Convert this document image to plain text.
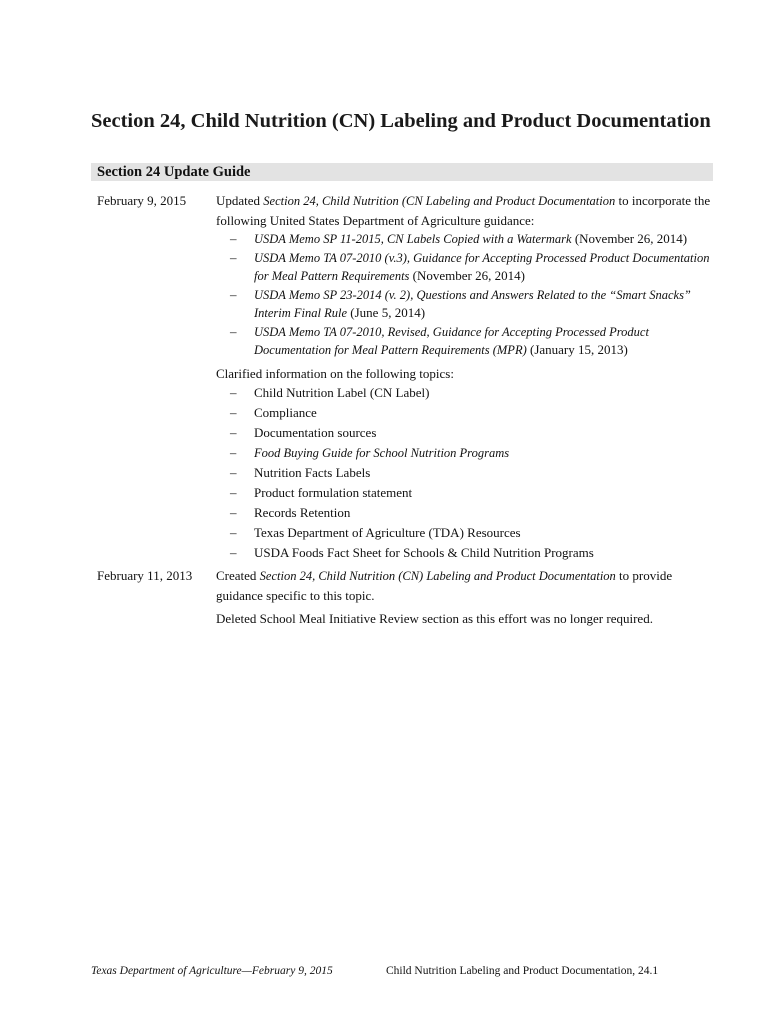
Section 24, Child Nutrition (CN) Labeling and Product Documentation
Section 24 Update Guide
February 9, 2015 Updated Section 24, Child Nutrition (CN Labeling and Product Documentation to incorporate the following United States Department of Agriculture guidance:

– USDA Memo SP 11-2015, CN Labels Copied with a Watermark (November 26, 2014)
– USDA Memo TA 07-2010 (v.3), Guidance for Accepting Processed Product Documentation for Meal Pattern Requirements (November 26, 2014)
– USDA Memo SP 23-2014 (v. 2), Questions and Answers Related to the “Smart Snacks” Interim Final Rule (June 5, 2014)
– USDA Memo TA 07-2010, Revised, Guidance for Accepting Processed Product Documentation for Meal Pattern Requirements (MPR) (January 15, 2013)

Clarified information on the following topics:

– Child Nutrition Label (CN Label)
– Compliance
– Documentation sources
– Food Buying Guide for School Nutrition Programs
– Nutrition Facts Labels
– Product formulation statement
– Records Retention
– Texas Department of Agriculture (TDA) Resources
– USDA Foods Fact Sheet for Schools & Child Nutrition Programs
February 11, 2013 Created Section 24, Child Nutrition (CN) Labeling and Product Documentation to provide guidance specific to this topic.

Deleted School Meal Initiative Review section as this effort was no longer required.

Texas Department of Agriculture—February 9, 2015	Child Nutrition Labeling and Product Documentation, 24.1
